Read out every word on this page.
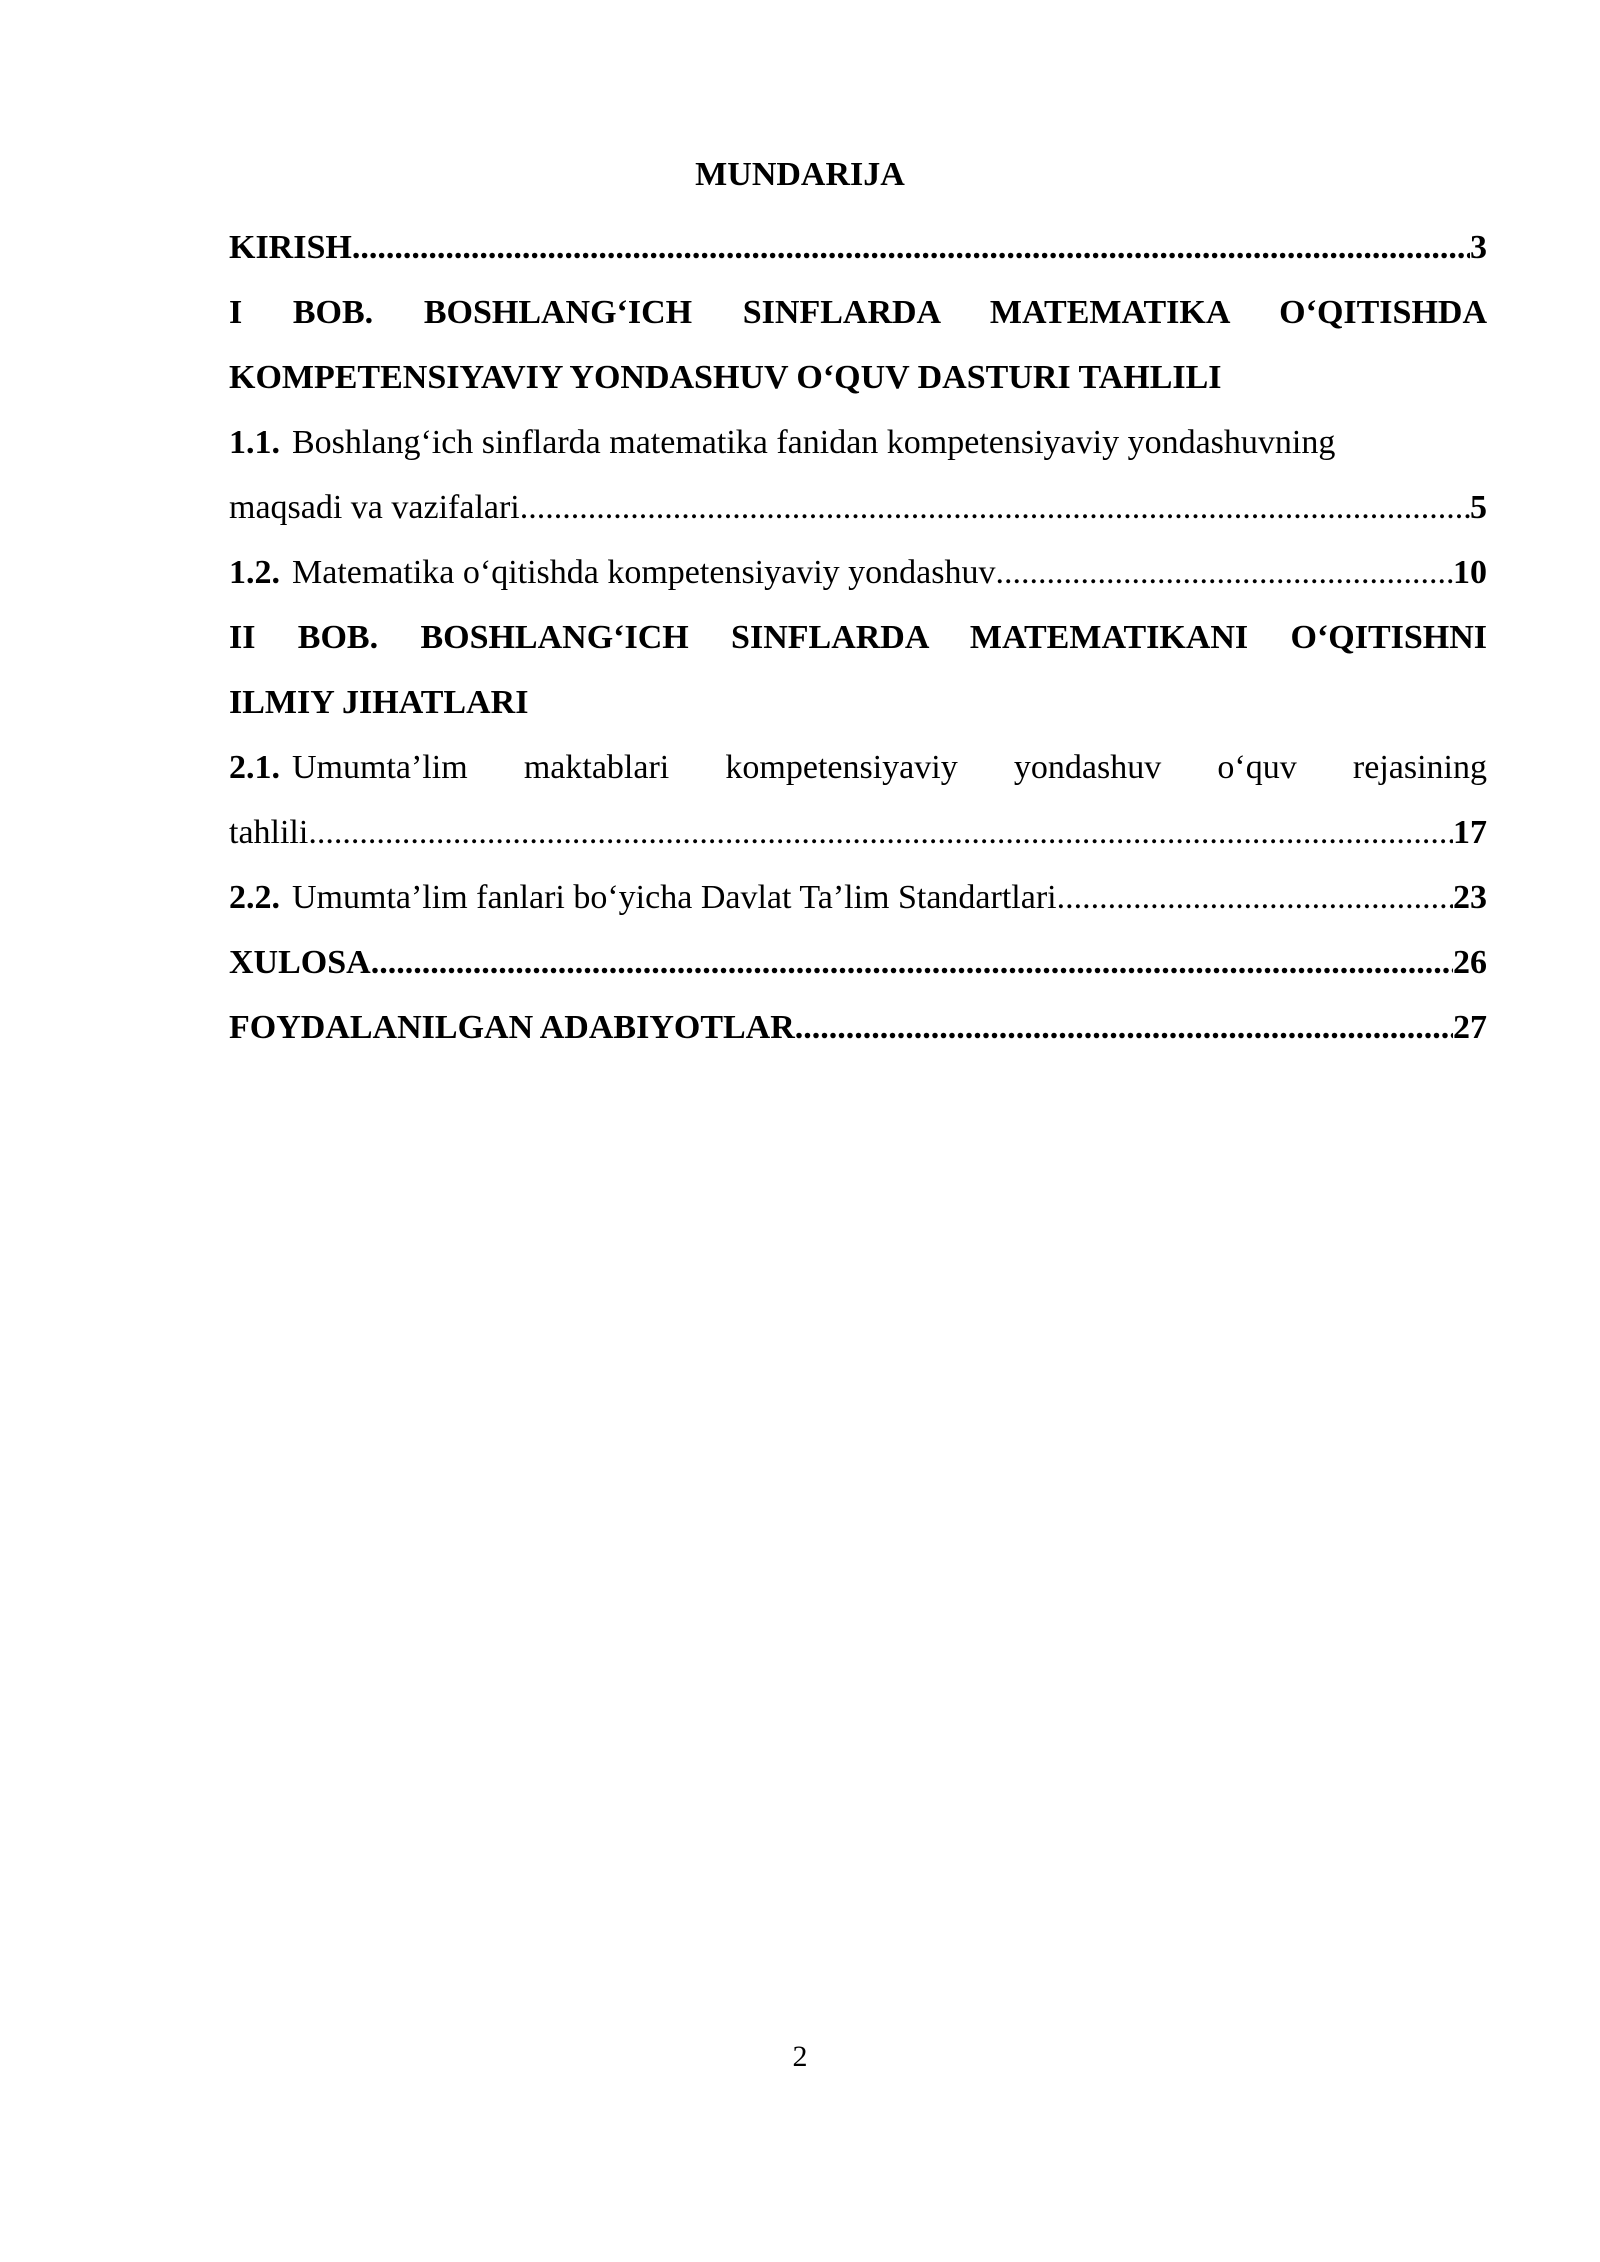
MUNDARIJA
KIRISH .....	3
I BOB. BOSHLANG‘ICH SINFLARDA MATEMATIKA O‘QITISHDA
KOMPETENSIYAVIY YONDASHUV O‘QUV DASTURI TAHLILI
1.1. Boshlang‘ich sinflarda matematika fanidan kompetensiyaviy yondashuvning
maqsadi va vazifalari .....	5
1.2. Matematika o‘qitishda kompetensiyaviy yondashuv .....	10
II BOB. BOSHLANG‘ICH SINFLARDA MATEMATIKANI O‘QITISHNI
ILMIY JIHATLARI
2.1. Umumta’lim maktablari kompetensiyaviy yondashuv o‘quv rejasining
tahlili .....	17
2.2. Umumta’lim fanlari bo‘yicha Davlat Ta’lim Standartlari .....	23
XULOSA .....	26
FOYDALANILGAN ADABIYOTLAR .....	27
2
